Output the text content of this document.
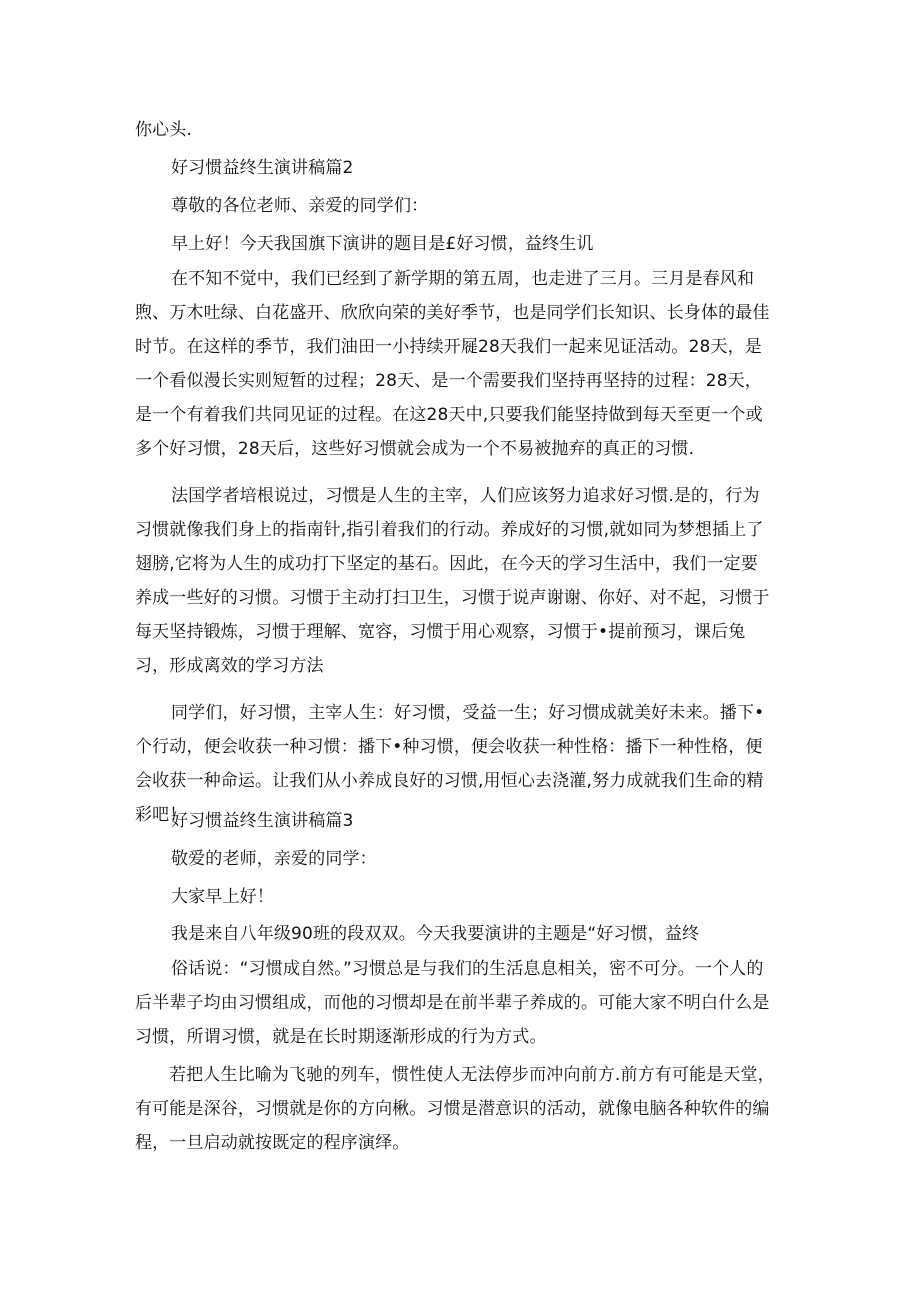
你心头.

好习惯益终生演讲稿篇2

尊敬的各位老师、亲爱的同学们：

早上好！今天我国旗下演讲的题目是£好习惯，益终生讥

在不知不觉中，我们已经到了新学期的第五周，也走进了三月。三月是春风和煦、万木吐绿、白花盛开、欣欣向荣的美好季节，也是同学们长知识、长身体的最佳时节。在这样的季节，我们油田一小持续开屣28天我们一起来见证活动。28天，是一个看似漫长实则短暂的过程；28天、是一个需要我们坚持再坚持的过程：28天，是一个有着我们共同见证的过程。在这28天中,只要我们能坚持做到每天至更一个或多个好习惯，28天后，这些好习惯就会成为一个不易被抛弃的真正的习惯.

法国学者培根说过，习惯是人生的主宰，人们应该努力追求好习惯.是的，行为习惯就像我们身上的指南针,指引着我们的行动。养成好的习惯,就如同为梦想插上了翅膀,它将为人生的成功打下坚定的基石。因此，在今天的学习生活中，我们一定要养成一些好的习惯。习惯于主动打扫卫生，习惯于说声谢谢、你好、对不起，习惯于每天坚持锻炼，习惯于理解、宽容，习惯于用心观察，习惯于•提前预习，课后兔习，形成离效的学习方法

同学们，好习惯，主宰人生：好习惯，受益一生；好习惯成就美好未来。播下•个行动，便会收获一种习惯：播下•种习惯，便会收获一种性格：播下一种性格，便会收获一种命运。让我们从小养成良好的习惯,用恒心去浇灌,努力成就我们生命的精彩吧！

好习惯益终生演讲稿篇3

敬爱的老师，亲爱的同学：

大家早上好！

我是来自八年级90班的段双双。今天我要演讲的主题是“好习惯，益终

俗话说：“习惯成自然。”习惯总是与我们的生活息息相关，密不可分。一个人的后半辈子均由习惯组成，而他的习惯却是在前半辈子养成的。可能大家不明白什么是习惯，所谓习惯，就是在长时期逐渐形成的行为方式。

若把人生比喻为飞驰的列车，惯性使人无法停步而冲向前方.前方有可能是天堂，有可能是深谷，习惯就是你的方向楸。习惯是潜意识的活动，就像电脑各种软件的编程，一旦启动就按既定的程序演绎。
